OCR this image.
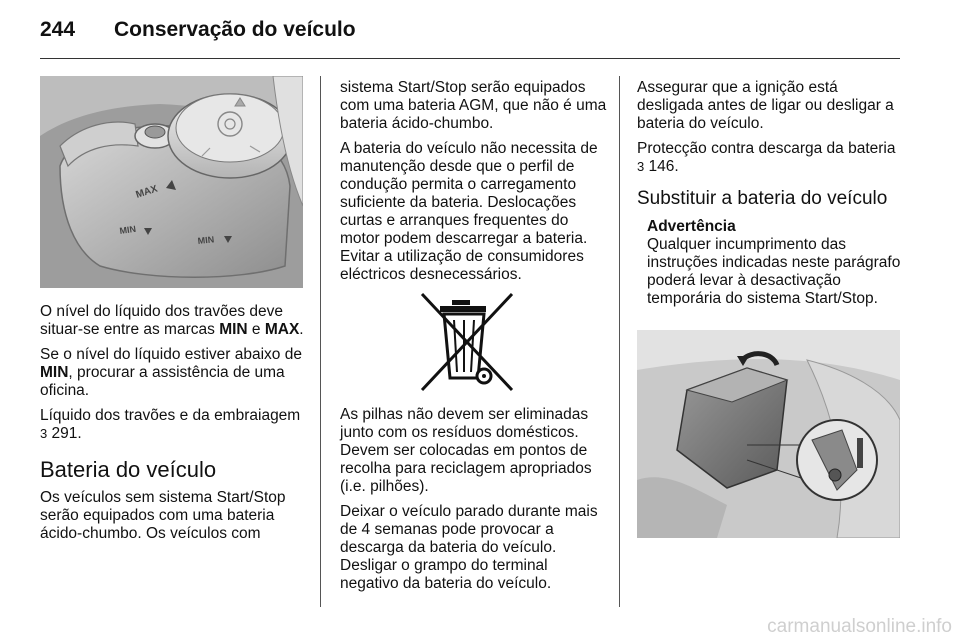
244 Conservação do veículo
MAX
MIN
MIN

O nível do líquido dos travões deve situar-se entre as marcas MIN e MAX.

Se o nível do líquido estiver abaixo de MIN, procurar a assistência de uma oficina.

Líquido dos travões e da embraiagem
3 291.

Bateria do veículo

Os veículos sem sistema Start/Stop serão equipados com uma bateria ácido-chumbo. Os veículos com

sistema Start/Stop serão equipados com uma bateria AGM, que não é uma bateria ácido-chumbo.

A bateria do veículo não necessita de manutenção desde que o perfil de condução permita o carregamento suficiente da bateria. Deslocações curtas e arranques frequentes do motor podem descarregar a bateria. Evitar a utilização de consumidores eléctricos desnecessários.

As pilhas não devem ser eliminadas junto com os resíduos domésticos. Devem ser colocadas em pontos de recolha para reciclagem apropriados (i.e. pilhões).

Deixar o veículo parado durante mais de 4 semanas pode provocar a descarga da bateria do veículo. Desligar o grampo do terminal negativo da bateria do veículo.

Assegurar que a ignição está desligada antes de ligar ou desligar a bateria do veículo.

Protecção contra descarga da bateria
3 146.

Substituir a bateria do veículo

Advertência

Qualquer incumprimento das instruções indicadas neste parágrafo poderá levar à desactivação temporária do sistema Start/Stop.

carmanualsonline.info
